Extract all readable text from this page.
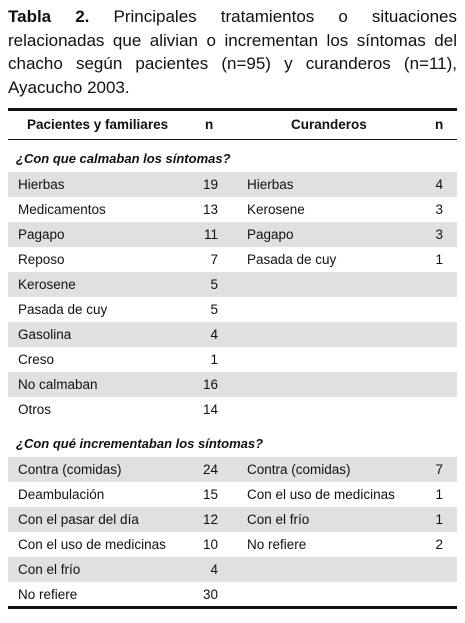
Tabla 2. Principales tratamientos o situaciones relacionadas que alivian o incrementan los síntomas del chacho según pacientes (n=95) y curanderos (n=11), Ayacucho 2003.
Pacientes y familiares	n	Curanderos	n
¿Con que calmaban los síntomas?
Hierbas	19 Hierbas	4
Medicamentos	13 Kerosene	3
Pagapo	11 Pagapo	3
Reposo	7 Pasada de cuy	1
Kerosene	5
Pasada de cuy	5
Gasolina	4
Creso	1
No calmaban	16
Otros	14
¿Con qué incrementaban los síntomas?
Contra (comidas)	24 Contra (comidas)	7
Deambulación	15 Con el uso de medicinas	1
Con el pasar del día	12 Con el frío	1
Con el uso de medicinas	10 No refiere	2
Con el frío	4
No refiere	30
